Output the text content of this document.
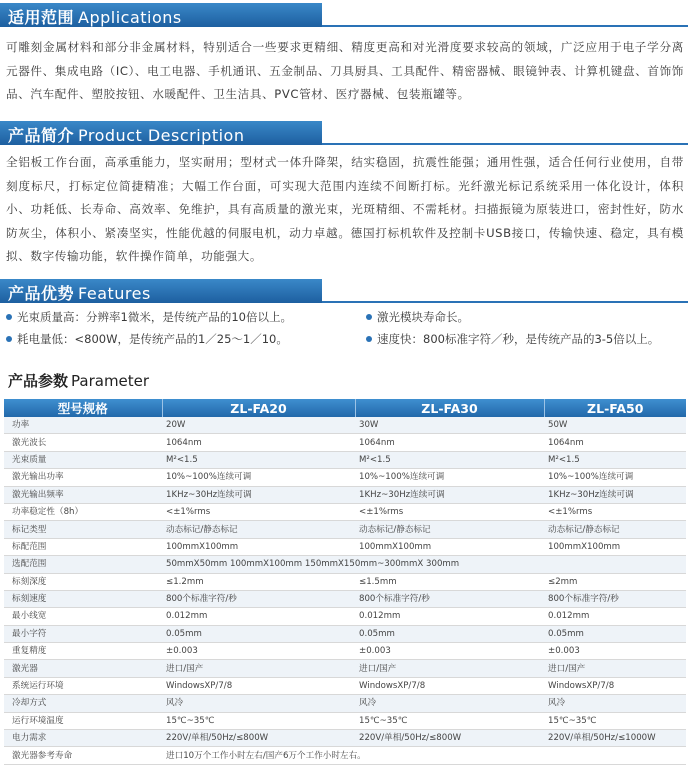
适用范围 Applications

可雕刻金属材料和部分非金属材料，特别适合一些要求更精细、精度更高和对光滑度要求较高的领域，广泛应用于电子学分离元器件、集成电路（IC）、电工电器、手机通讯、五金制品、刀具厨具、工具配件、精密器械、眼镜钟表、计算机键盘、首饰饰品、汽车配件、塑胶按钮、水暖配件、卫生洁具、PVC管材、医疗器械、包装瓶罐等。

产品简介 Product Description

全铝板工作台面，高承重能力，坚实耐用；型材式一体升降架，结实稳固，抗震性能强；通用性强，适合任何行业使用，自带刻度标尺，打标定位简捷精准；大幅工作台面，可实现大范围内连续不间断打标。光纤激光标记系统采用一体化设计，体积小、功耗低、长寿命、高效率、免维护，具有高质量的激光束，光斑精细、不需耗材。扫描振镜为原装进口，密封性好，防水防灰尘，体积小、紧凑坚实，性能优越的伺服电机，动力卓越。德国打标机软件及控制卡USB接口，传输快速、稳定，具有模拟、数字传输功能，软件操作简单，功能强大。

产品优势 Features
光束质量高：分辨率1微米，是传统产品的10倍以上。	激光模块寿命长。
耗电量低：<800W，是传统产品的1／25～1／10。	速度快：800标准字符／秒，是传统产品的3-5倍以上。
产品参数 Parameter
型号规格	ZL-FA20	ZL-FA30	ZL-FA50
功率	20W	30W	50W
激光波长	1064nm	1064nm	1064nm
光束质量	M²<1.5	M²<1.5	M²<1.5
激光输出功率	10%~100%连续可调	10%~100%连续可调	10%~100%连续可调
激光输出频率	1KHz~30Hz连续可调	1KHz~30Hz连续可调	1KHz~30Hz连续可调
功率稳定性（8h）	<±1%rms	<±1%rms	<±1%rms
标记类型	动态标记/静态标记	动态标记/静态标记	动态标记/静态标记
标配范围	100mmX100mm	100mmX100mm	100mmX100mm
选配范围	50mmX50mm 100mmX100mm 150mmX150mm~300mmX 300mm		
标刻深度	≤1.2mm	≤1.5mm	≤2mm
标刻速度	800个标准字符/秒	800个标准字符/秒	800个标准字符/秒
最小线宽	0.012mm	0.012mm	0.012mm
最小字符	0.05mm	0.05mm	0.05mm
重复精度	±0.003	±0.003	±0.003
激光器	进口/国产	进口/国产	进口/国产
系统运行环境	WindowsXP/7/8	WindowsXP/7/8	WindowsXP/7/8
冷却方式	风冷	风冷	风冷
运行环境温度	15℃~35℃	15℃~35℃	15℃~35℃
电力需求	220V/单相/50Hz/≤800W	220V/单相/50Hz/≤800W	220V/单相/50Hz/≤1000W
激光器参考寿命	进口10万个工作小时左右/国产6万个工作小时左右。		
